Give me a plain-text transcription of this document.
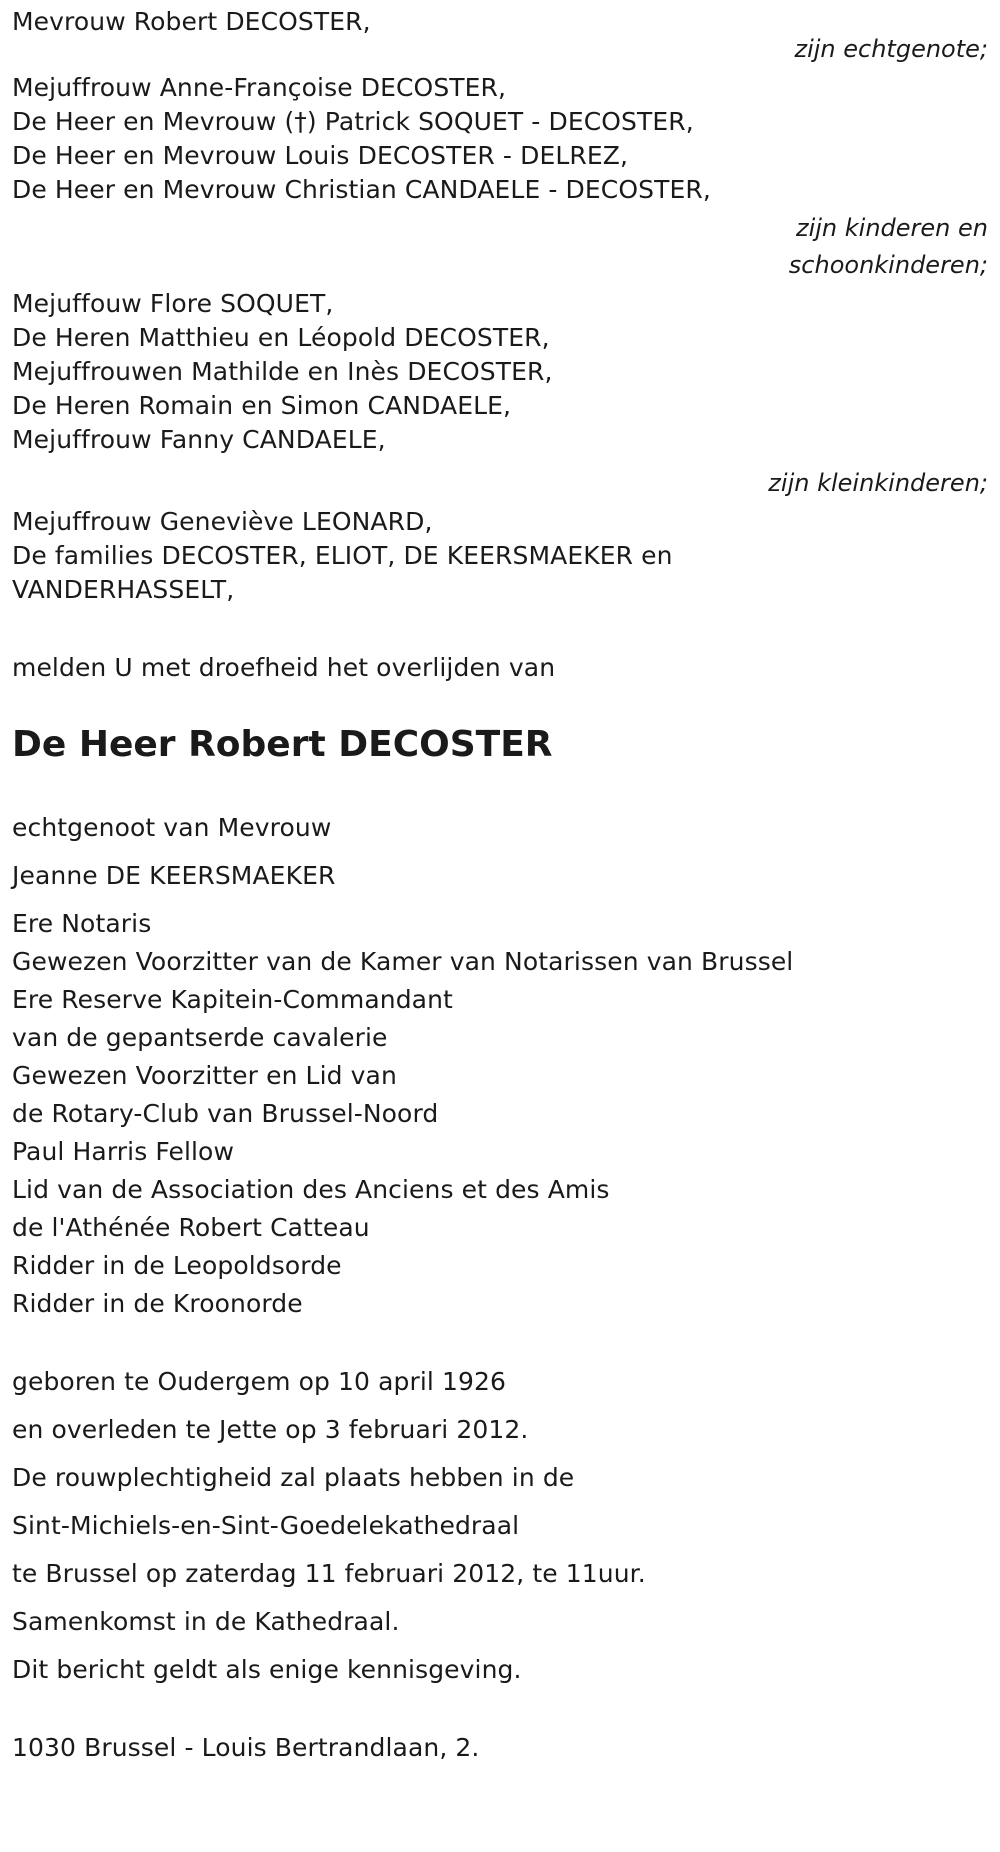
Mevrouw Robert DECOSTER,
zijn echtgenote;
Mejuffrouw Anne-Françoise DECOSTER,
De Heer en Mevrouw (†) Patrick SOQUET - DECOSTER,
De Heer en Mevrouw Louis DECOSTER - DELREZ,
De Heer en Mevrouw Christian CANDAELE - DECOSTER,
zijn kinderen en
schoonkinderen;
Mejuffouw Flore SOQUET,
De Heren Matthieu en Léopold DECOSTER,
Mejuffrouwen Mathilde en Inès DECOSTER,
De Heren Romain en Simon CANDAELE,
Mejuffrouw Fanny CANDAELE,
zijn kleinkinderen;
Mejuffrouw Geneviève LEONARD,
De families DECOSTER, ELIOT, DE KEERSMAEKER en
VANDERHASSELT,
melden U met droefheid het overlijden van
De Heer Robert DECOSTER
echtgenoot van Mevrouw
Jeanne DE KEERSMAEKER
Ere Notaris
Gewezen Voorzitter van de Kamer van Notarissen van Brussel
Ere Reserve Kapitein-Commandant
van de gepantserde cavalerie
Gewezen Voorzitter en Lid van
de Rotary-Club van Brussel-Noord
Paul Harris Fellow
Lid van de Association des Anciens et des Amis
de l'Athénée Robert Catteau
Ridder in de Leopoldsorde
Ridder in de Kroonorde
geboren te Oudergem op 10 april 1926
en overleden te Jette op 3 februari 2012.
De rouwplechtigheid zal plaats hebben in de
Sint-Michiels-en-Sint-Goedelekathedraal
te Brussel op zaterdag 11 februari 2012, te 11uur.
Samenkomst in de Kathedraal.
Dit bericht geldt als enige kennisgeving.
1030 Brussel - Louis Bertrandlaan, 2.
